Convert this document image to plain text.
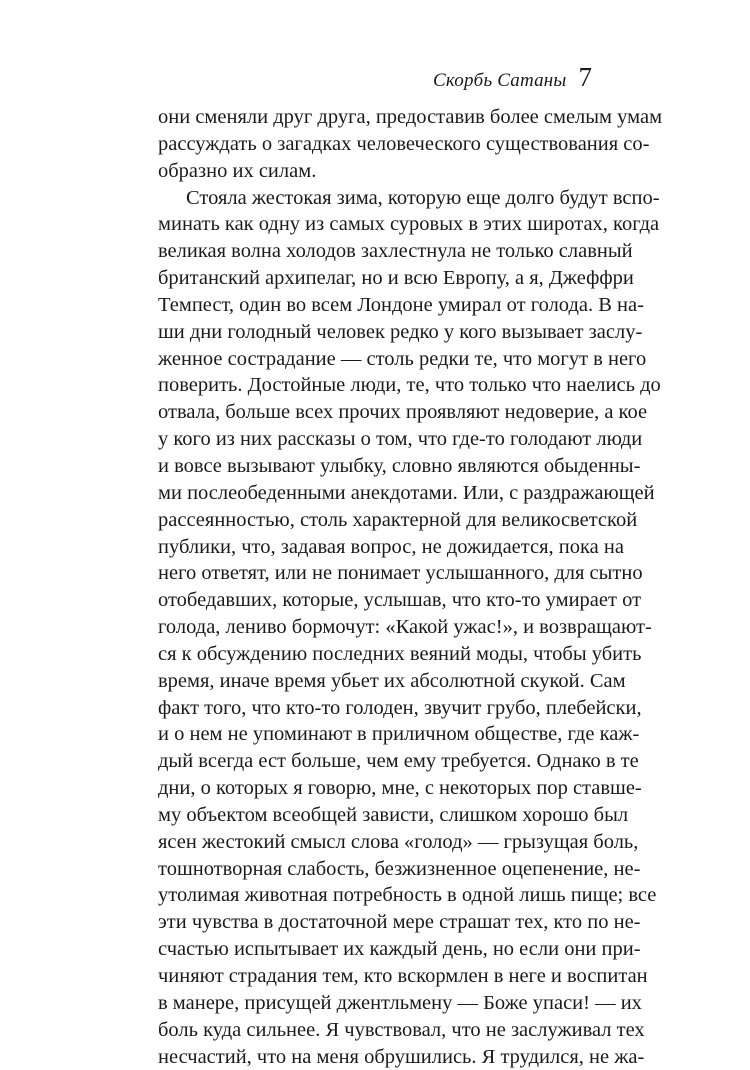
Скорбь Сатаны 7
они сменяли друг друга, предоставив более смелым умам
рассуждать о загадках человеческого существования со-
образно их силам.
Стояла жестокая зима, которую еще долго будут вспо-
минать как одну из самых суровых в этих широтах, когда
великая волна холодов захлестнула не только славный
британский архипелаг, но и всю Европу, а я, Джеффри
Темпест, один во всем Лондоне умирал от голода. В на-
ши дни голодный человек редко у кого вызывает заслу-
женное сострадание — столь редки те, что могут в него
поверить. Достойные люди, те, что только что наелись до
отвала, больше всех прочих проявляют недоверие, а кое
у кого из них рассказы о том, что где-то голодают люди
и вовсе вызывают улыбку, словно являются обыденны-
ми послеобеденными анекдотами. Или, с раздражающей
рассеянностью, столь характерной для великосветской
публики, что, задавая вопрос, не дожидается, пока на
него ответят, или не понимает услышанного, для сытно
отобедавших, которые, услышав, что кто-то умирает от
голода, лениво бормочут: «Какой ужас!», и возвращают-
ся к обсуждению последних веяний моды, чтобы убить
время, иначе время убьет их абсолютной скукой. Сам
факт того, что кто-то голоден, звучит грубо, плебейски,
и о нем не упоминают в приличном обществе, где каж-
дый всегда ест больше, чем ему требуется. Однако в те
дни, о которых я говорю, мне, с некоторых пор ставше-
му объектом всеобщей зависти, слишком хорошо был
ясен жестокий смысл слова «голод» — грызущая боль,
тошнотворная слабость, безжизненное оцепенение, не-
утолимая животная потребность в одной лишь пище; все
эти чувства в достаточной мере страшат тех, кто по не-
счастью испытывает их каждый день, но если они при-
чиняют страдания тем, кто вскормлен в неге и воспитан
в манере, присущей джентльмену — Боже упаси! — их
боль куда сильнее. Я чувствовал, что не заслуживал тех
несчастий, что на меня обрушились. Я трудился, не жа-
